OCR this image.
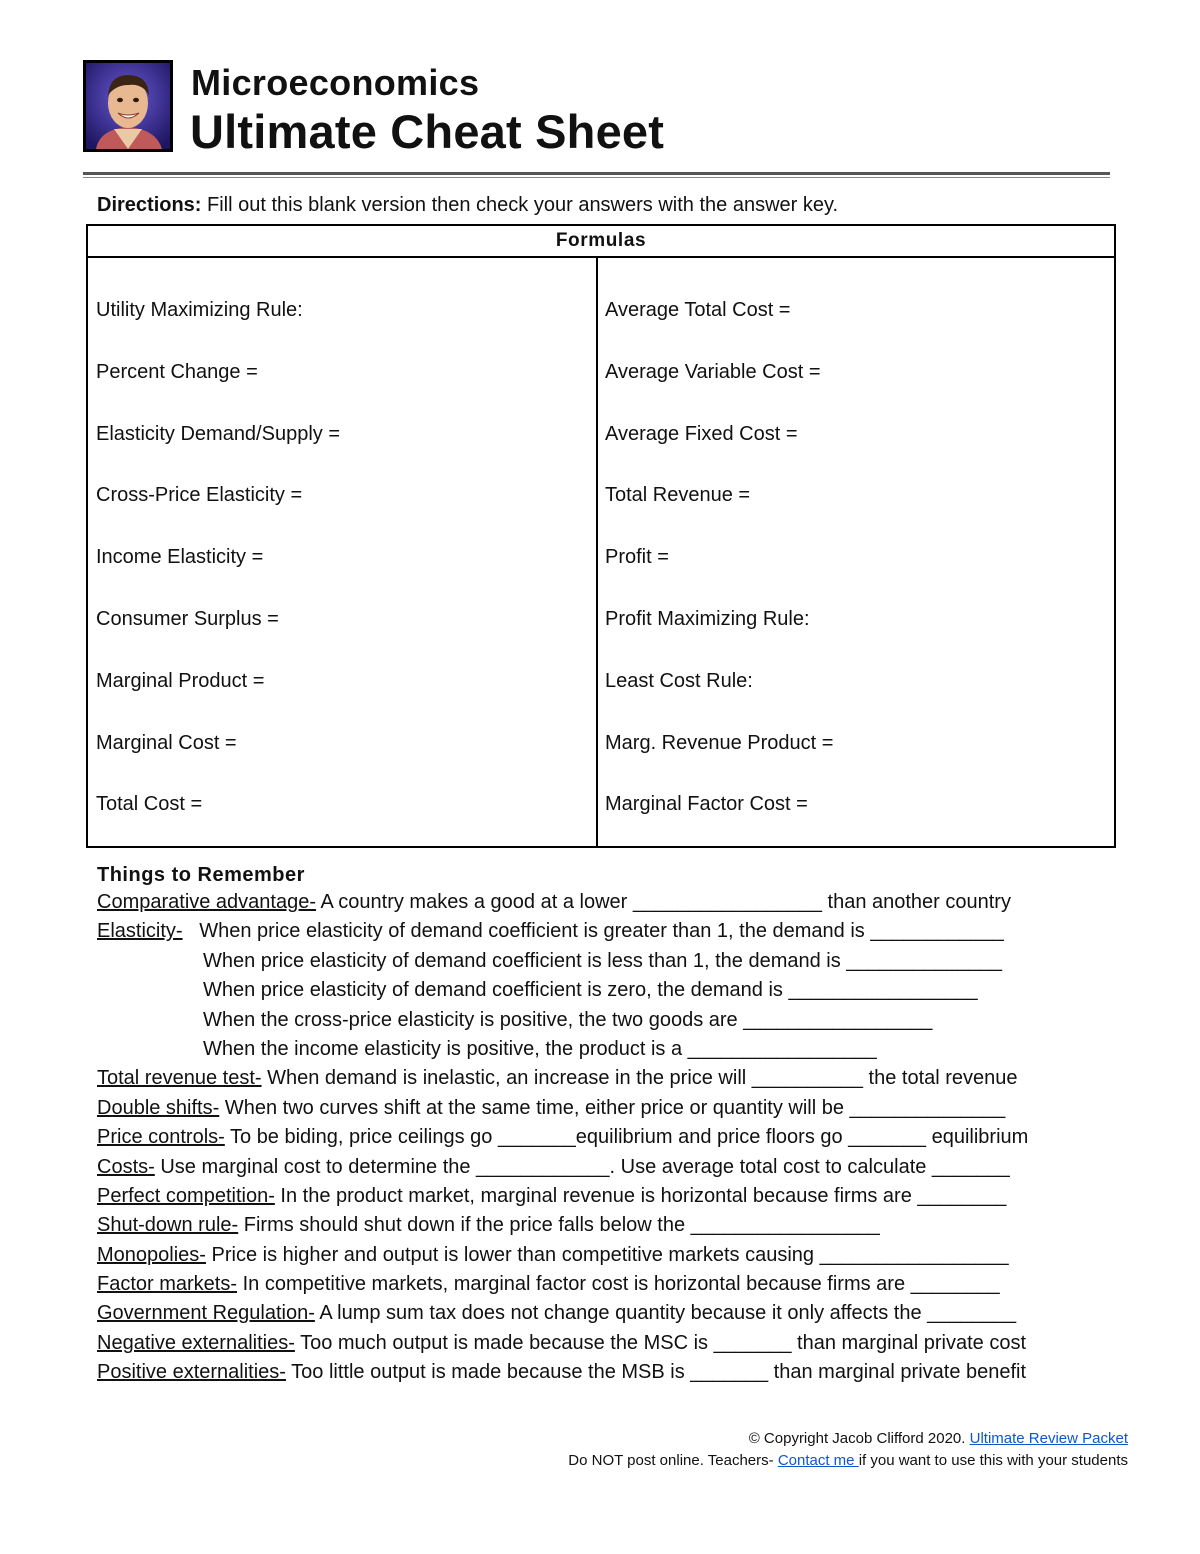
Microeconomics
Ultimate Cheat Sheet
Directions: Fill out this blank version then check your answers with the answer key.
Formulas
Utility Maximizing Rule:
Percent Change =
Elasticity Demand/Supply =
Cross-Price Elasticity =
Income Elasticity =
Consumer Surplus =
Marginal Product =
Marginal Cost =
Total Cost =
Average Total Cost =
Average Variable Cost =
Average Fixed Cost =
Total Revenue =
Profit =
Profit Maximizing Rule:
Least Cost Rule:
Marg. Revenue Product =
Marginal Factor Cost =
Things to Remember
Comparative advantage- A country makes a good at a lower _________________ than another country
Elasticity-   When price elasticity of demand coefficient is greater than 1, the demand is ____________
When price elasticity of demand coefficient is less than 1, the demand is ______________
When price elasticity of demand coefficient is zero, the demand is _________________
When the cross-price elasticity is positive, the two goods are _________________
When the income elasticity is positive, the product is a _________________
Total revenue test- When demand is inelastic, an increase in the price will __________ the total revenue
Double shifts- When two curves shift at the same time, either price or quantity will be ______________
Price controls- To be biding, price ceilings go _______equilibrium and price floors go _______ equilibrium
Costs- Use marginal cost to determine the ____________. Use average total cost to calculate _______
Perfect competition- In the product market, marginal revenue is horizontal because firms are ________
Shut-down rule- Firms should shut down if the price falls below the _________________
Monopolies- Price is higher and output is lower than competitive markets causing _________________
Factor markets- In competitive markets, marginal factor cost is horizontal because firms are ________
Government Regulation- A lump sum tax does not change quantity because it only affects the ________
Negative externalities- Too much output is made because the MSC is _______ than marginal private cost
Positive externalities- Too little output is made because the MSB is _______ than marginal private benefit
© Copyright Jacob Clifford 2020. Ultimate Review Packet
Do NOT post online. Teachers- Contact me if you want to use this with your students
